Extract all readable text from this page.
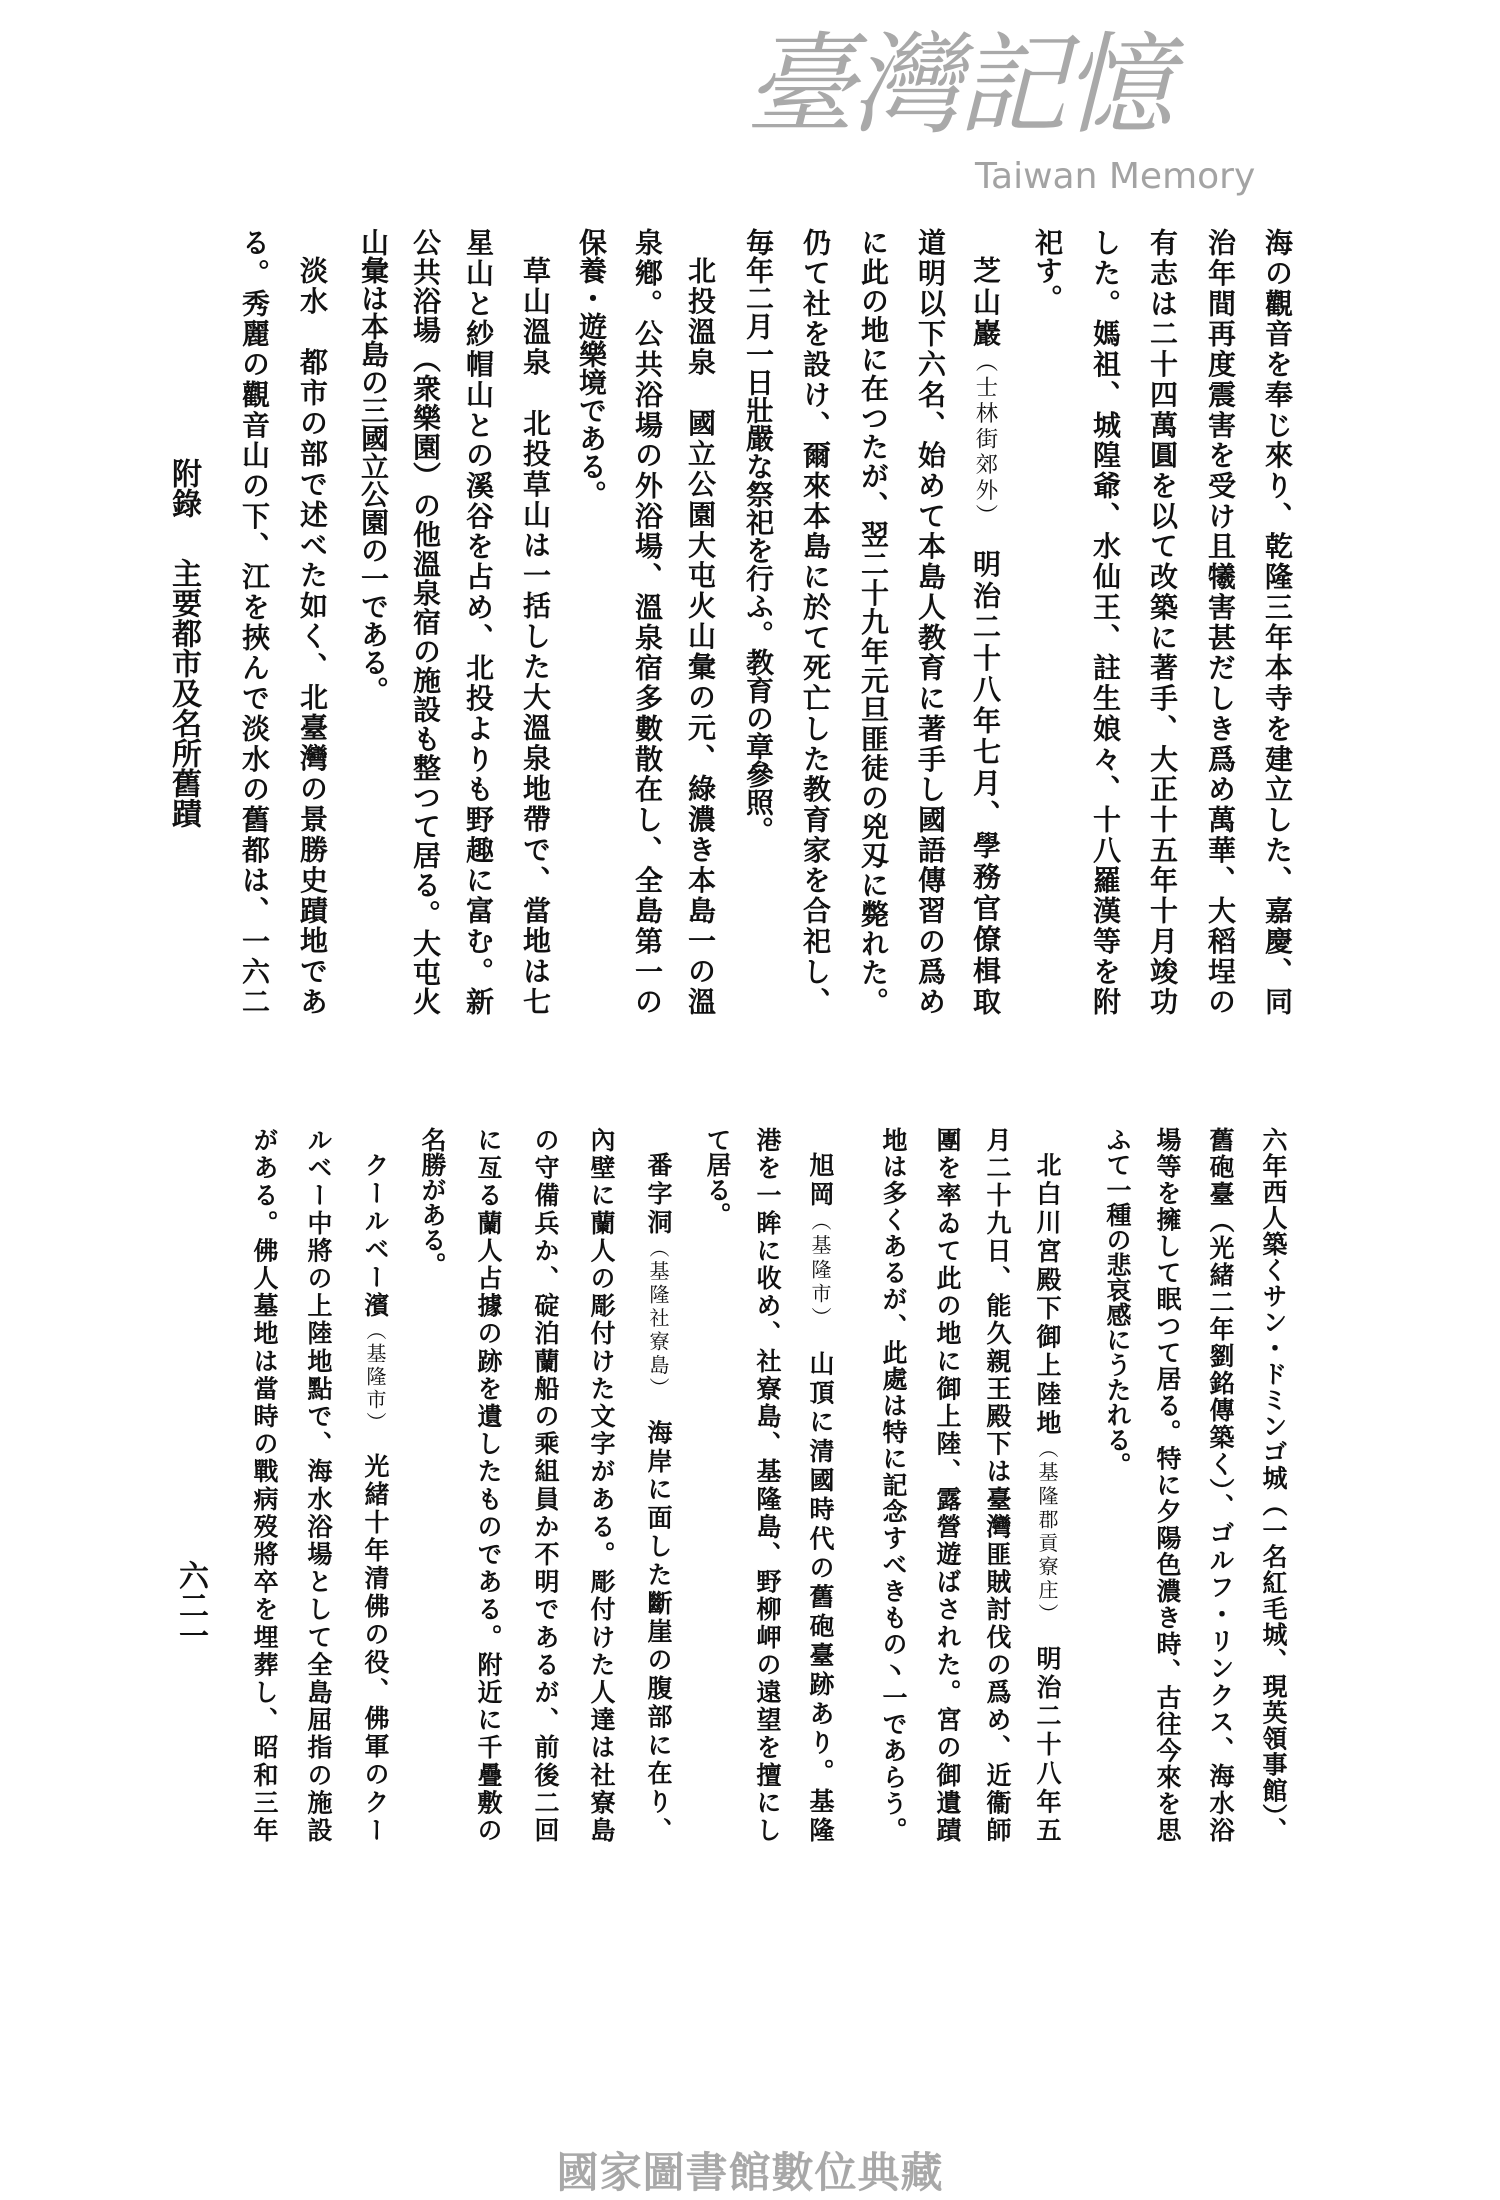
附錄主要都市及名所舊蹟
六二一
海の觀音を奉じ來り、乾隆三年本寺を建立した、嘉慶、同
治年間再度震害を受け且犧害甚だしき爲め萬華、大稻埕の
有志は二十四萬圓を以て改築に著手、大正十五年十月竣功
した。媽祖、城隍爺、水仙王、註生娘々、十八羅漢等を附
祀す。
芝山巖（士林街郊外）　明治二十八年七月、學務官僚楫取
道明以下六名、始めて本島人教育に著手し國語傳習の爲め
に此の地に在つたが、翌二十九年元旦匪徒の兇刄に斃れた。
仍て社を設け、爾來本島に於て死亡した教育家を合祀し、
毎年二月一日壯嚴な祭祀を行ふ。教育の章參照。
北投溫泉　國立公園大屯火山彙の元、綠濃き本島一の溫
泉鄕。公共浴場の外浴場、溫泉宿多數散在し、全島第一の
保養・遊樂境である。
草山溫泉　北投草山は一括した大溫泉地帶で、當地は七
星山と紗帽山との溪谷を占め、北投よりも野趣に富む。新
公共浴場（衆樂園）の他溫泉宿の施設も整つて居る。大屯火
山彙は本島の三國立公園の一である。
淡水　都市の部で述べた如く、北臺灣の景勝史蹟地であ
る。秀麗の觀音山の下、江を挾んで淡水の舊都は、一六二
六年西人築くサン・ドミンゴ城（一名紅毛城、現英領事館）、
舊砲臺（光緒二年劉銘傳築く）、ゴルフ・リンクス、海水浴
場等を擁して眠つて居る。特に夕陽色濃き時、古往今來を思
ふて一種の悲哀感にうたれる。
北白川宮殿下御上陸地（基隆郡貢寮庄）　明治二十八年五
月二十九日、能久親王殿下は臺灣匪賊討伐の爲め、近衞師
團を率ゐて此の地に御上陸、露營遊ばされた。宮の御遺蹟
地は多くあるが、此處は特に記念すべきもの丶一であらう。
旭岡（基隆市）　山頂に清國時代の舊砲臺跡あり。基隆
港を一眸に收め、社寮島、基隆島、野柳岬の遠望を擅にし
て居る。
番字洞（基隆社寮島）　海岸に面した斷崖の腹部に在り、
內壁に蘭人の彫付けた文字がある。彫付けた人達は社寮島
の守備兵か、碇泊蘭船の乘組員か不明であるが、前後二回
に亙る蘭人占據の跡を遺したものである。附近に千疊敷の
名勝がある。
クールベー濱（基隆市）　光緒十年清佛の役、佛軍のクー
ルベー中將の上陸地點で、海水浴場として全島屈指の施設
がある。佛人墓地は當時の戰病歿將卒を埋葬し、昭和三年
臺灣記憶
Taiwan Memory
國家圖書館數位典藏
